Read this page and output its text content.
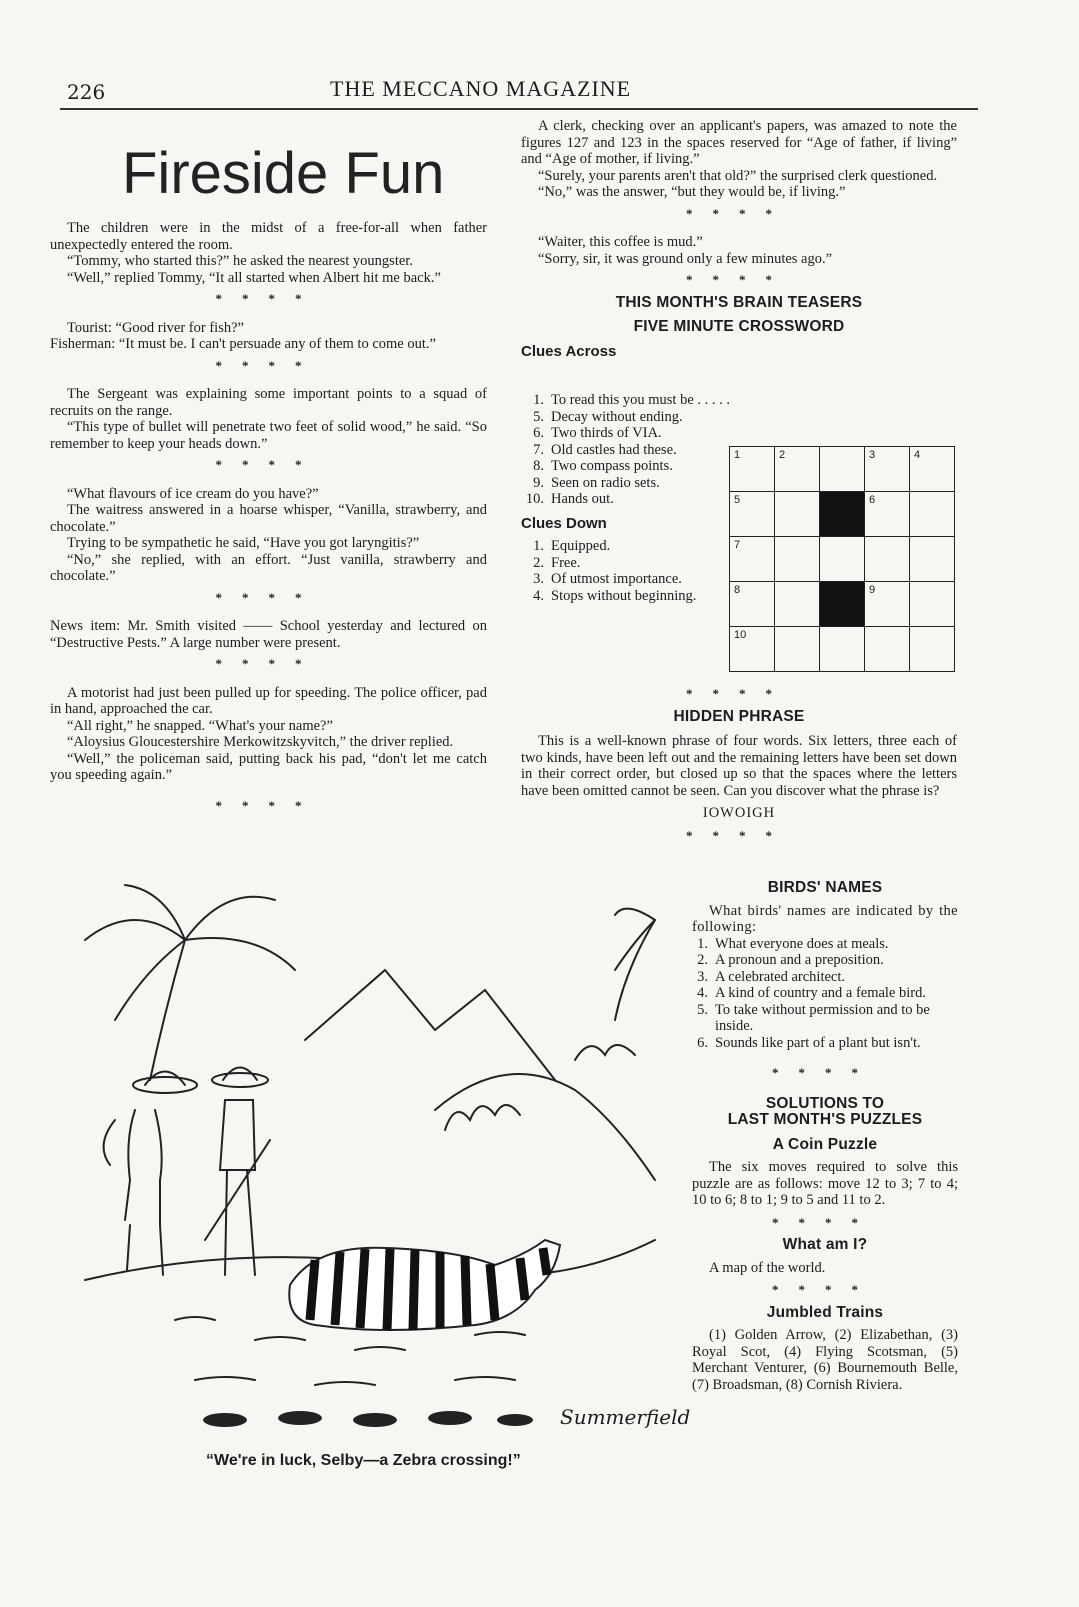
226	THE MECCANO MAGAZINE
Fireside Fun

The children were in the midst of a free-for-all when father unexpectedly entered the room.

“Tommy, who started this?” he asked the nearest youngster.

“Well,” replied Tommy, “It all started when Albert hit me back.”

****

Tourist: “Good river for fish?”

Fisherman: “It must be. I can't persuade any of them to come out.”

****

The Sergeant was explaining some important points to a squad of recruits on the range.

“This type of bullet will penetrate two feet of solid wood,” he said. “So remember to keep your heads down.”

****

“What flavours of ice cream do you have?”

The waitress answered in a hoarse whisper, “Vanilla, strawberry, and chocolate.”

Trying to be sympathetic he said, “Have you got laryngitis?”

“No,” she replied, with an effort. “Just vanilla, strawberry and chocolate.”

****

News item: Mr. Smith visited —— School yesterday and lectured on “Destructive Pests.” A large number were present.

****

A motorist had just been pulled up for speeding. The police officer, pad in hand, approached the car.

“All right,” he snapped. “What's your name?”

“Aloysius Gloucestershire Merkowitzskyvitch,” the driver replied.

“Well,” the policeman said, putting back his pad, “don't let me catch you speeding again.”

****

A clerk, checking over an applicant's papers, was amazed to note the figures 127 and 123 in the spaces reserved for “Age of father, if living” and “Age of mother, if living.”

“Surely, your parents aren't that old?” the surprised clerk questioned.

“No,” was the answer, “but they would be, if living.”

****

“Waiter, this coffee is mud.”

“Sorry, sir, it was ground only a few minutes ago.”

****
THIS MONTH'S BRAIN TEASERS
FIVE MINUTE CROSSWORD
Clues Across
1. To read this you must be . . . . .
5. Decay without ending.
6. Two thirds of VIA.
7. Old castles had these.
8. Two compass points.
9. Seen on radio sets.
10. Hands out.
Clues Down
1. Equipped.
2. Free.
3. Of utmost importance.
4. Stops without beginning.
1	2		3	4

5			6	

7				

8			9	

10				

****
HIDDEN PHRASE

This is a well-known phrase of four words. Six letters, three each of two kinds, have been left out and the remaining letters have been set down in their correct order, but closed up so that the spaces where the letters have been omitted cannot be seen. Can you discover what the phrase is?

IOWOIGH
****
BIRDS' NAMES

What birds' names are indicated by the following:

1. What everyone does at meals.
2. A pronoun and a preposition.
3. A celebrated architect.
4. A kind of country and a female bird.
5. To take without permission and to be inside.
6. Sounds like part of a plant but isn't.
****
SOLUTIONS TO
LAST MONTH'S PUZZLES
A Coin Puzzle

The six moves required to solve this puzzle are as follows: move 12 to 3; 7 to 4; 10 to 6; 8 to 1; 9 to 5 and 11 to 2.

****
What am I?

A map of the world.

****
Jumbled Trains

(1) Golden Arrow, (2) Elizabethan, (3) Royal Scot, (4) Flying Scotsman, (5) Merchant Venturer, (6) Bournemouth Belle, (7) Broadsman, (8) Cornish Riviera.

Summerfield
“We're in luck, Selby—a Zebra crossing!”
